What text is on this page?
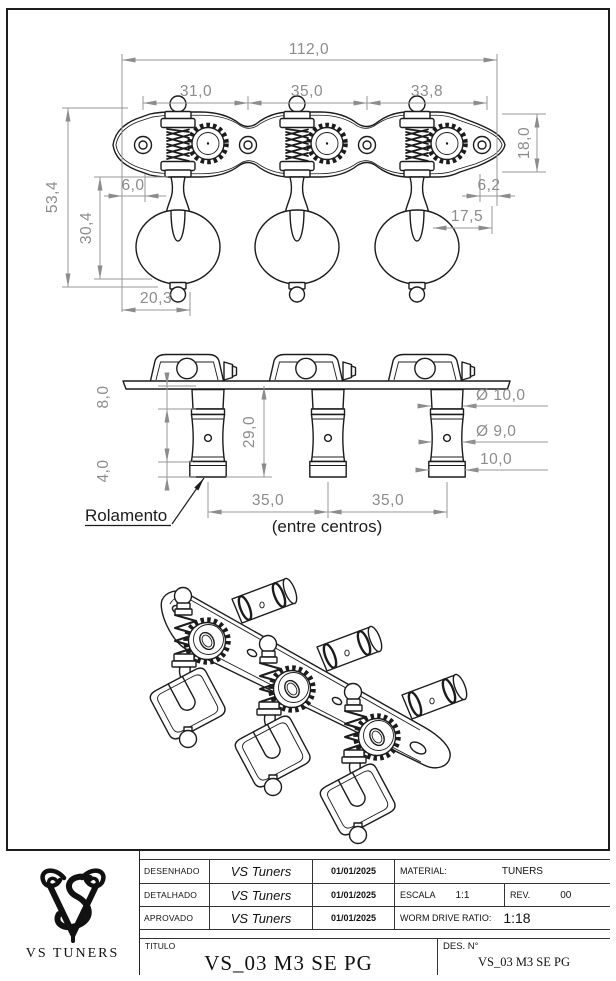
112,0
31,0	35,0	33,8
53,4
30,4
6,0	6,2
18,0
17,5
20,3
8,0
4,0
29,0
35,0	35,0
Ø 10,0
Ø 9,0
10,0
Rolamento
(entre centros)
VS TUNERS
DESENHADO	VS Tuners	01/01/2025	MATERIAL:	TUNERS
DETALHADO	VS Tuners	01/01/2025	ESCALA 1:1	REV.	00
APROVADO	VS Tuners	01/01/2025	WORM DRIVE RATIO: 1:18
TITULO
VS_03 M3 SE PG
DES. N°
VS_03 M3 SE PG
